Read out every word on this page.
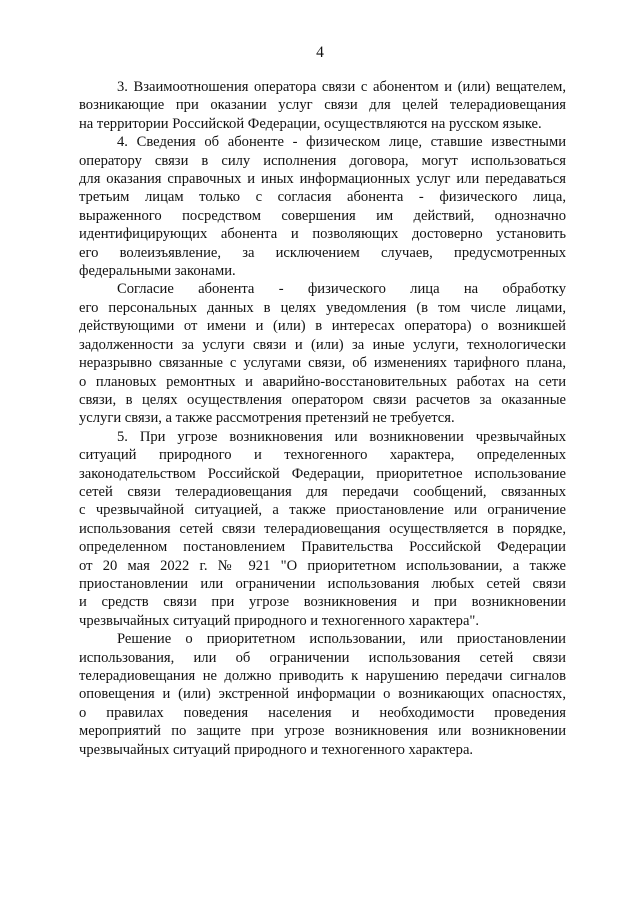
4
3. Взаимоотношения оператора связи с абонентом и (или) вещателем,
возникающие при оказании услуг связи для целей телерадиовещания
на территории Российской Федерации, осуществляются на русском языке.
4. Сведения об абоненте - физическом лице, ставшие известными
оператору связи в силу исполнения договора, могут использоваться
для оказания справочных и иных информационных услуг или передаваться
третьим лицам только с согласия абонента - физического лица,
выраженного посредством совершения им действий, однозначно
идентифицирующих абонента и позволяющих достоверно установить
его волеизъявление, за исключением случаев, предусмотренных
федеральными законами.
Согласие абонента - физического лица на обработку
его персональных данных в целях уведомления (в том числе лицами,
действующими от имени и (или) в интересах оператора) о возникшей
задолженности за услуги связи и (или) за иные услуги, технологически
неразрывно связанные с услугами связи, об изменениях тарифного плана,
о плановых ремонтных и аварийно-восстановительных работах на сети
связи, в целях осуществления оператором связи расчетов за оказанные
услуги связи, а также рассмотрения претензий не требуется.
5. При угрозе возникновения или возникновении чрезвычайных
ситуаций природного и техногенного характера, определенных
законодательством Российской Федерации, приоритетное использование
сетей связи телерадиовещания для передачи сообщений, связанных
с чрезвычайной ситуацией, а также приостановление или ограничение
использования сетей связи телерадиовещания осуществляется в порядке,
определенном постановлением Правительства Российской Федерации
от 20 мая 2022 г. № 921 "О приоритетном использовании, а также
приостановлении или ограничении использования любых сетей связи
и средств связи при угрозе возникновения и при возникновении
чрезвычайных ситуаций природного и техногенного характера".
Решение о приоритетном использовании, или приостановлении
использования, или об ограничении использования сетей связи
телерадиовещания не должно приводить к нарушению передачи сигналов
оповещения и (или) экстренной информации о возникающих опасностях,
о правилах поведения населения и необходимости проведения
мероприятий по защите при угрозе возникновения или возникновении
чрезвычайных ситуаций природного и техногенного характера.
